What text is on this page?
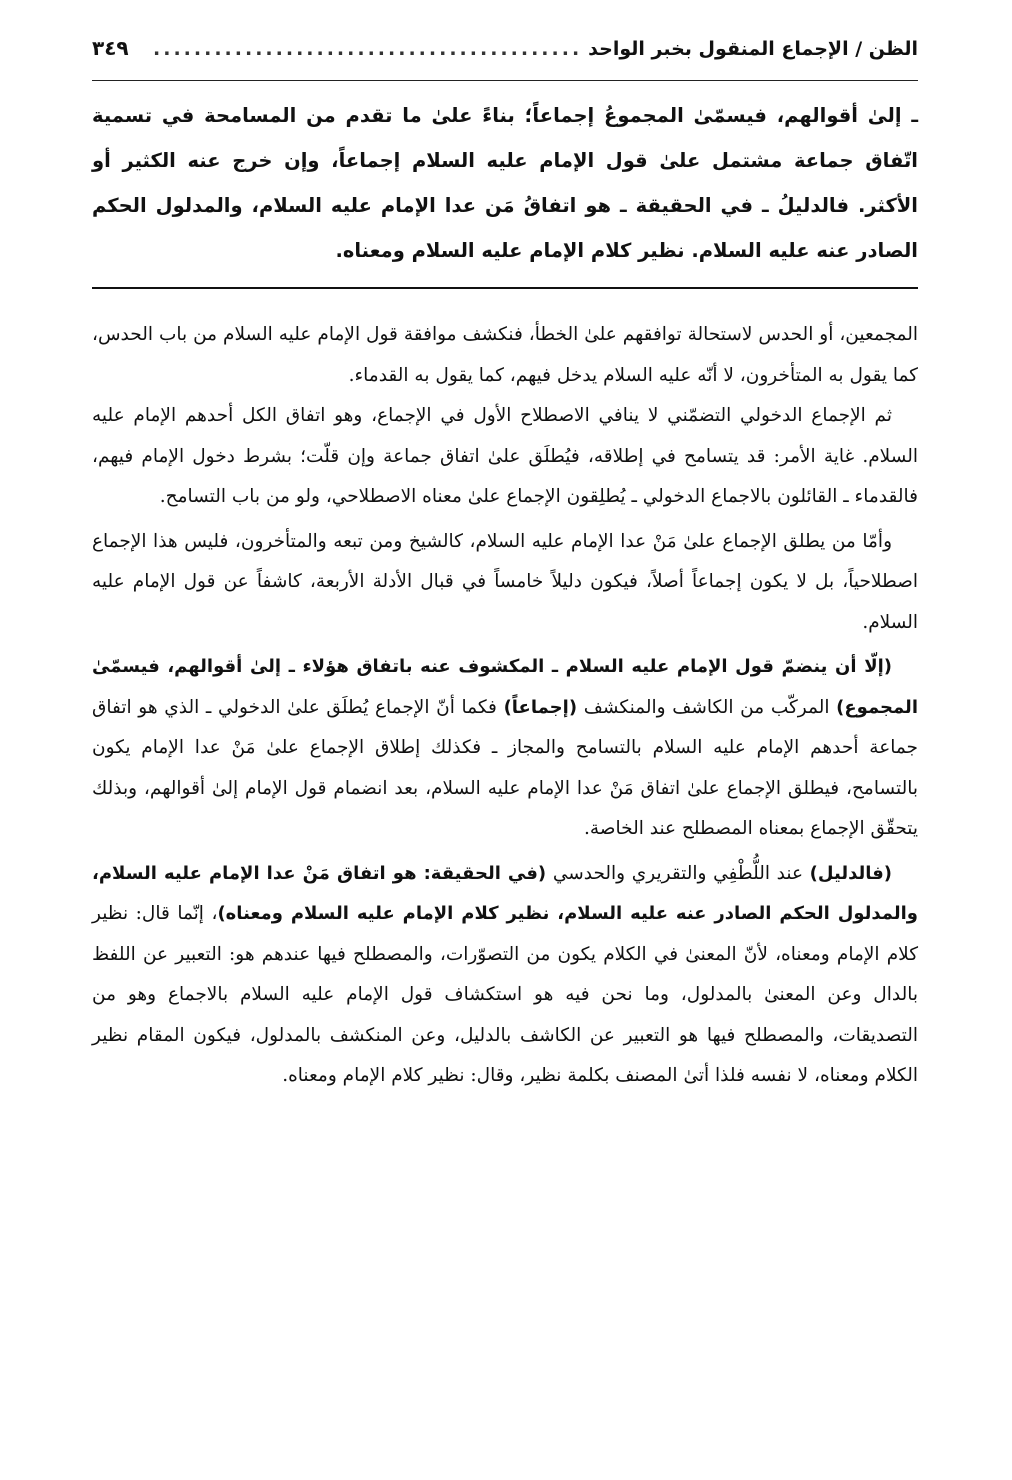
الظن / الإجماع المنقول بخبر الواحد
..........................................
٣٤٩
ـ إلىٰ أقوالهم، فيسمّىٰ المجموعُ إجماعاً؛ بناءً علىٰ ما تقدم من المسامحة في تسمية اتّفاق جماعة مشتمل علىٰ قول الإمام عليه السلام إجماعاً، وإن خرج عنه الكثير أو الأكثر. فالدليلُ ـ في الحقيقة ـ هو اتفاقُ مَن عدا الإمام عليه السلام، والمدلول الحكم الصادر عنه عليه السلام. نظير كلام الإمام عليه السلام ومعناه.

المجمعين، أو الحدس لاستحالة توافقهم علىٰ الخطأ، فنكشف موافقة قول الإمام عليه السلام من باب الحدس، كما يقول به المتأخرون، لا أنّه عليه السلام يدخل فيهم، كما يقول به القدماء.

ثم الإجماع الدخولي التضمّني لا ينافي الاصطلاح الأول في الإجماع، وهو اتفاق الكل أحدهم الإمام عليه السلام. غاية الأمر: قد يتسامح في إطلاقه، فيُطلَق علىٰ اتفاق جماعة وإن قلّت؛ بشرط دخول الإمام فيهم، فالقدماء ـ القائلون بالاجماع الدخولي ـ يُطلِقون الإجماع علىٰ معناه الاصطلاحي، ولو من باب التسامح.

وأمّا من يطلق الإجماع علىٰ مَنْ عدا الإمام عليه السلام، كالشيخ ومن تبعه والمتأخرون، فليس هذا الإجماع اصطلاحياً، بل لا يكون إجماعاً أصلاً، فيكون دليلاً خامساً في قبال الأدلة الأربعة، كاشفاً عن قول الإمام عليه السلام.

(إلّا أن ينضمّ قول الإمام عليه السلام ـ المكشوف عنه باتفاق هؤلاء ـ إلىٰ أقوالهم، فيسمّىٰ المجموع) المركّب من الكاشف والمنكشف (إجماعاً) فكما أنّ الإجماع يُطلَق علىٰ الدخولي ـ الذي هو اتفاق جماعة أحدهم الإمام عليه السلام بالتسامح والمجاز ـ فكذلك إطلاق الإجماع علىٰ مَنْ عدا الإمام يكون بالتسامح، فيطلق الإجماع علىٰ اتفاق مَنْ عدا الإمام عليه السلام، بعد انضمام قول الإمام إلىٰ أقوالهم، وبذلك يتحقّق الإجماع بمعناه المصطلح عند الخاصة.

(فالدليل) عند اللُّطْفِي والتقريري والحدسي (في الحقيقة: هو اتفاق مَنْ عدا الإمام عليه السلام، والمدلول الحكم الصادر عنه عليه السلام، نظير كلام الإمام عليه السلام ومعناه)، إنّما قال: نظير كلام الإمام ومعناه، لأنّ المعنىٰ في الكلام يكون من التصوّرات، والمصطلح فيها عندهم هو: التعبير عن اللفظ بالدال وعن المعنىٰ بالمدلول، وما نحن فيه هو استكشاف قول الإمام عليه السلام بالاجماع وهو من التصديقات، والمصطلح فيها هو التعبير عن الكاشف بالدليل، وعن المنكشف بالمدلول، فيكون المقام نظير الكلام ومعناه، لا نفسه فلذا أتىٰ المصنف بكلمة نظير، وقال: نظير كلام الإمام ومعناه.
